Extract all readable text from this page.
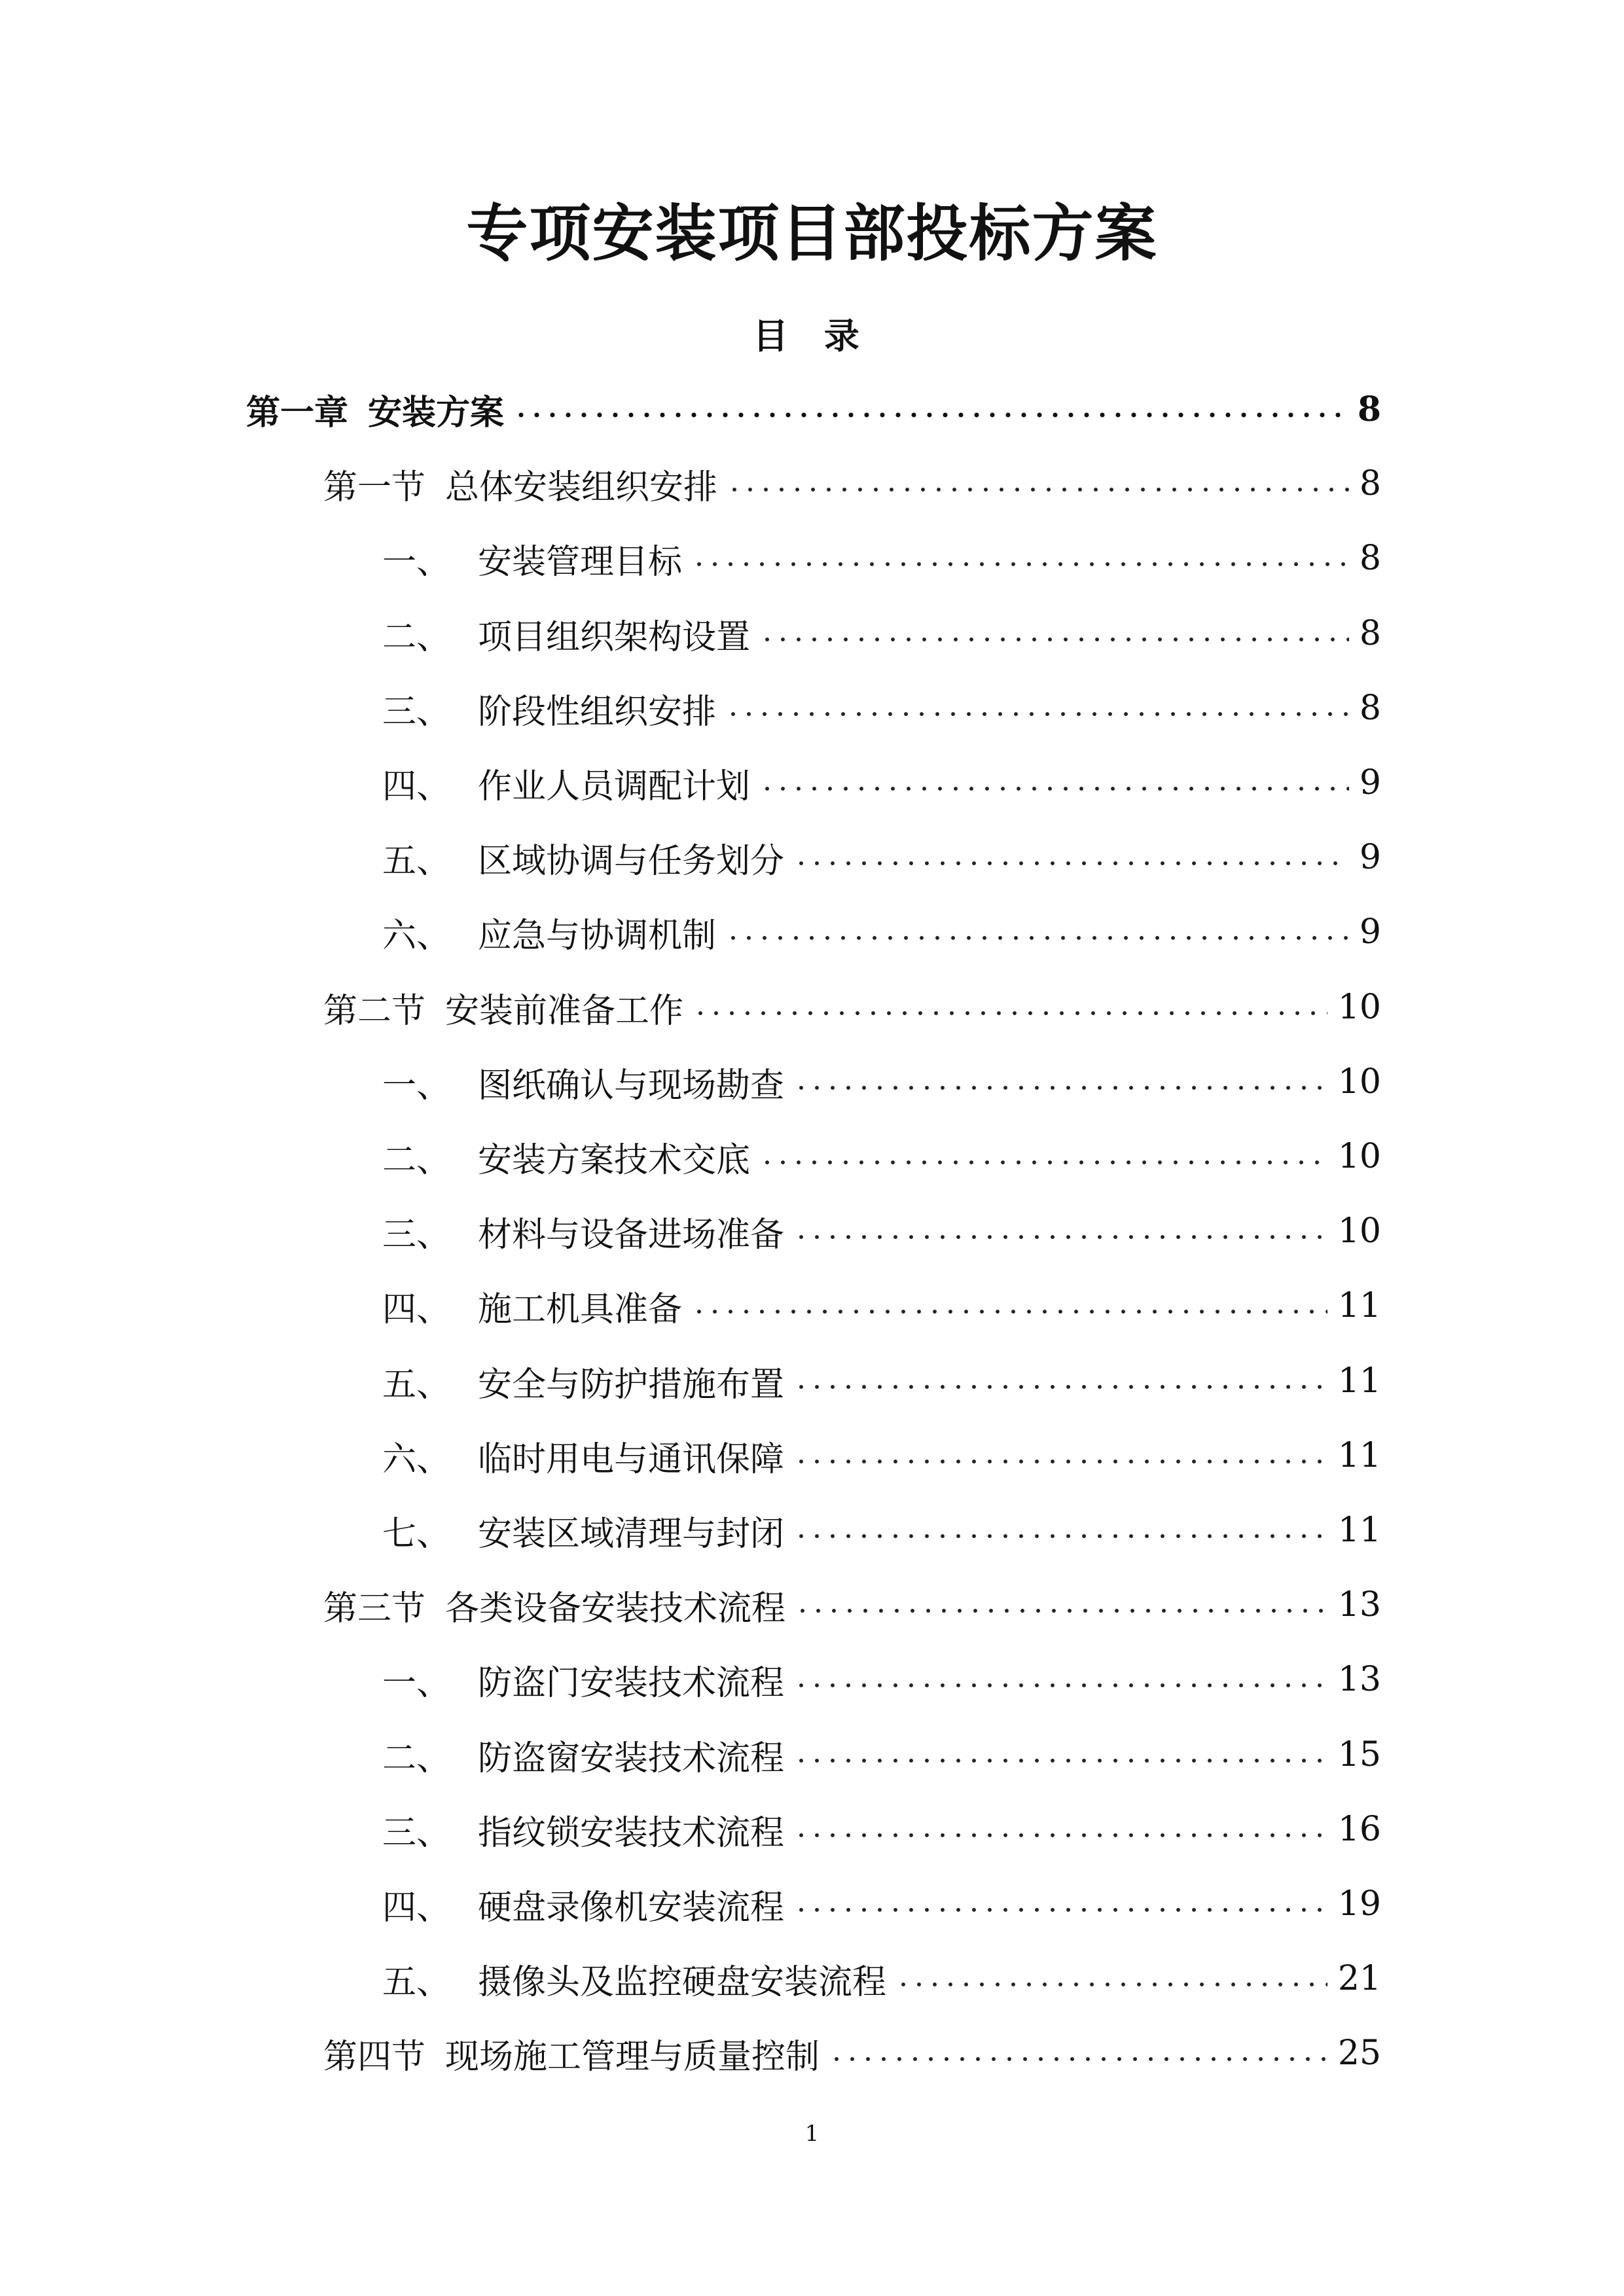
专项安装项目部投标方案
目 录
第一章 安装方案	8
第一节 总体安装组织安排	8
一、 安装管理目标	8
二、 项目组织架构设置	8
三、 阶段性组织安排	8
四、 作业人员调配计划	9
五、 区域协调与任务划分	9
六、 应急与协调机制	9
第二节 安装前准备工作	10
一、 图纸确认与现场勘查	10
二、 安装方案技术交底	10
三、 材料与设备进场准备	10
四、 施工机具准备	11
五、 安全与防护措施布置	11
六、 临时用电与通讯保障	11
七、 安装区域清理与封闭	11
第三节 各类设备安装技术流程	13
一、 防盗门安装技术流程	13
二、 防盗窗安装技术流程	15
三、 指纹锁安装技术流程	16
四、 硬盘录像机安装流程	19
五、 摄像头及监控硬盘安装流程	21
第四节 现场施工管理与质量控制	25
1
